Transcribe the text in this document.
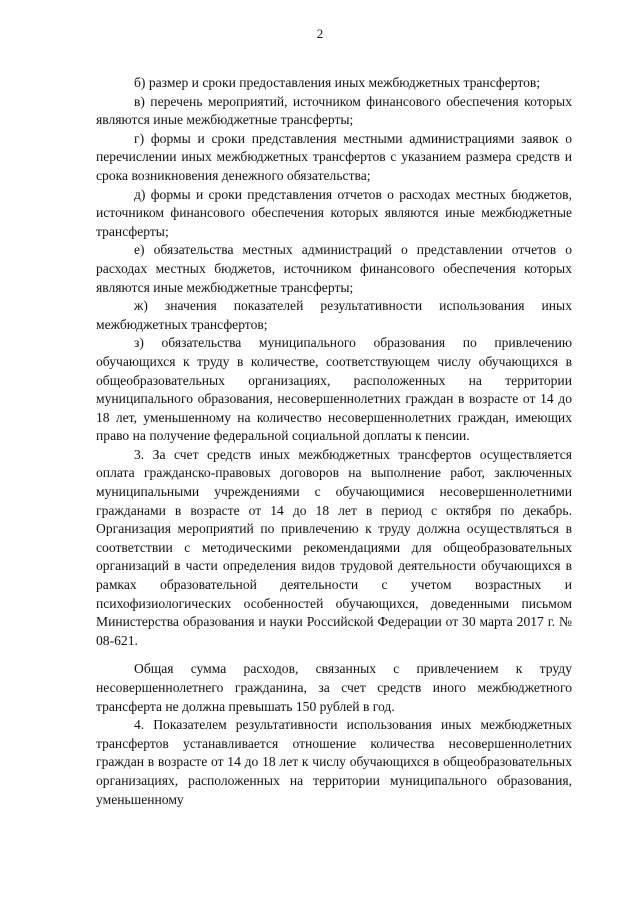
2

б) размер и сроки предоставления иных межбюджетных трансфертов;

в) перечень мероприятий, источником финансового обеспечения которых являются иные межбюджетные трансферты;

г) формы и сроки представления местными администрациями заявок о перечислении иных межбюджетных трансфертов с указанием размера средств и срока возникновения денежного обязательства;

д) формы и сроки представления отчетов о расходах местных бюджетов, источником финансового обеспечения которых являются иные межбюджетные трансферты;

е) обязательства местных администраций о представлении отчетов о расходах местных бюджетов, источником финансового обеспечения которых являются иные межбюджетные трансферты;

ж) значения показателей результативности использования иных межбюджетных трансфертов;

з) обязательства муниципального образования по привлечению обучающихся к труду в количестве, соответствующем числу обучающихся в общеобразовательных организациях, расположенных на территории муниципального образования, несовершеннолетних граждан в возрасте от 14 до 18 лет, уменьшенному на количество несовершеннолетних граждан, имеющих право на получение федеральной социальной доплаты к пенсии.

3. За счет средств иных межбюджетных трансфертов осуществляется оплата гражданско-правовых договоров на выполнение работ, заключенных муниципальными учреждениями с обучающимися несовершеннолетними гражданами в возрасте от 14 до 18 лет в период с октября по декабрь. Организация мероприятий по привлечению к труду должна осуществляться в соответствии с методическими рекомендациями для общеобразовательных организаций в части определения видов трудовой деятельности обучающихся в рамках образовательной деятельности с учетом возрастных и психофизиологических особенностей обучающихся, доведенными письмом Министерства образования и науки Российской Федерации от 30 марта 2017 г. № 08-621.

Общая сумма расходов, связанных с привлечением к труду несовершеннолетнего гражданина, за счет средств иного межбюджетного трансферта не должна превышать 150 рублей в год.

4. Показателем результативности использования иных межбюджетных трансфертов устанавливается отношение количества несовершеннолетних граждан в возрасте от 14 до 18 лет к числу обучающихся в общеобразовательных организациях, расположенных на территории муниципального образования, уменьшенному
